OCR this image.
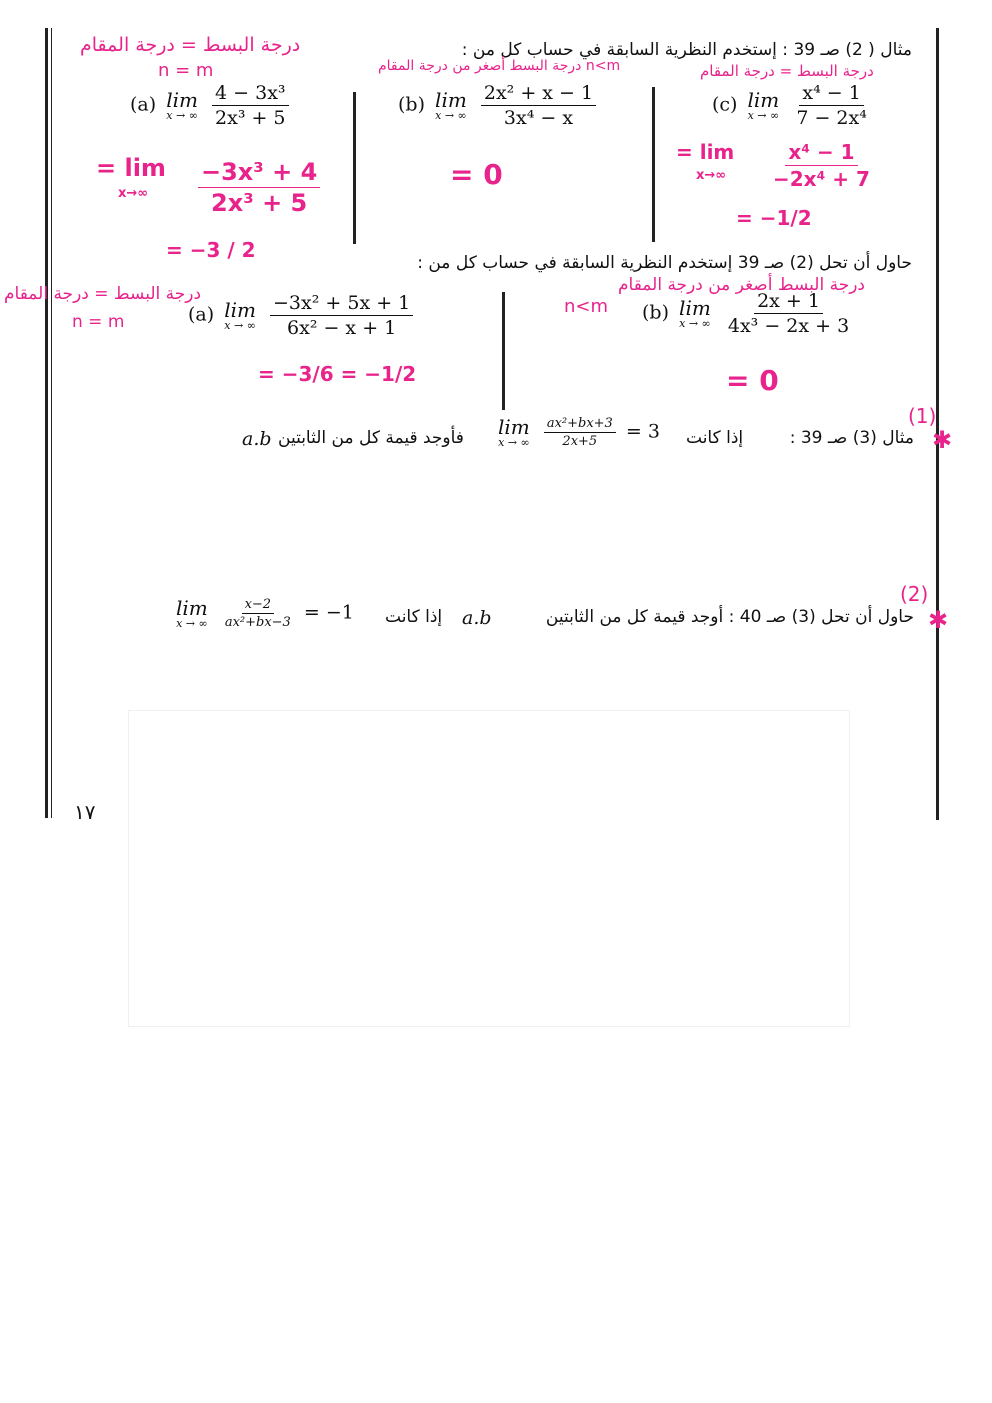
مثال ( 2) صـ 39 : إستخدم النظرية السابقة في حساب كل من :
(a) lim
x → ∞
$\frac{\text{4 − 3x³}}{\text{2x³ + 5}}$	(b) lim
x → ∞
$\frac{\text{2x² + x − 1}}{\text{3x⁴ − x}}$	(c) lim
x → ∞
$\frac{\text{x⁴ − 1}}{\text{7 − 2x⁴}}$
درجة البسط = درجة المقام
n = m	n<m درجة البسط أصغر من درجة المقام	درجة البسط = درجة المقام
= lim
$x\to\infty \frac{\text{−3x³ + 4}}{\text{2x³ + 5}}$
= −3 / 2
= 0
= lim
$x\to\infty \frac{\text{x⁴ − 1}}{\text{−2x⁴ + 7}}$
= −1/2
حاول أن تحل (2) صـ 39 إستخدم النظرية السابقة في حساب كل من :
(a) lim
x → ∞
$\frac{\text{−3x² + 5x + 1}}{\text{6x² − x + 1}}$	(b) lim
x → ∞
$\frac{2x + 1}{\text{4x³ − 2x + 3}}$
درجة البسط = درجة المقام
n = m
درجة البسط أصغر من درجة المقام
n<m
= −3/6 = −1/2	= 0
مثال (3) صـ 39 :
إذا كانت
lim
x → ∞
$\frac{\text{ax²+bx+3}}{2x+5} = 3$
فأوجد قيمة كل من الثابتين
a.b
(1)
✱
حاول أن تحل (3) صـ 40 : أوجد قيمة كل من الثابتين
a.b
إذا كانت
lim
x → ∞
$\frac{x-2}{\text{ax²+bx−3}} = -1$
(2)
✱
١٧
